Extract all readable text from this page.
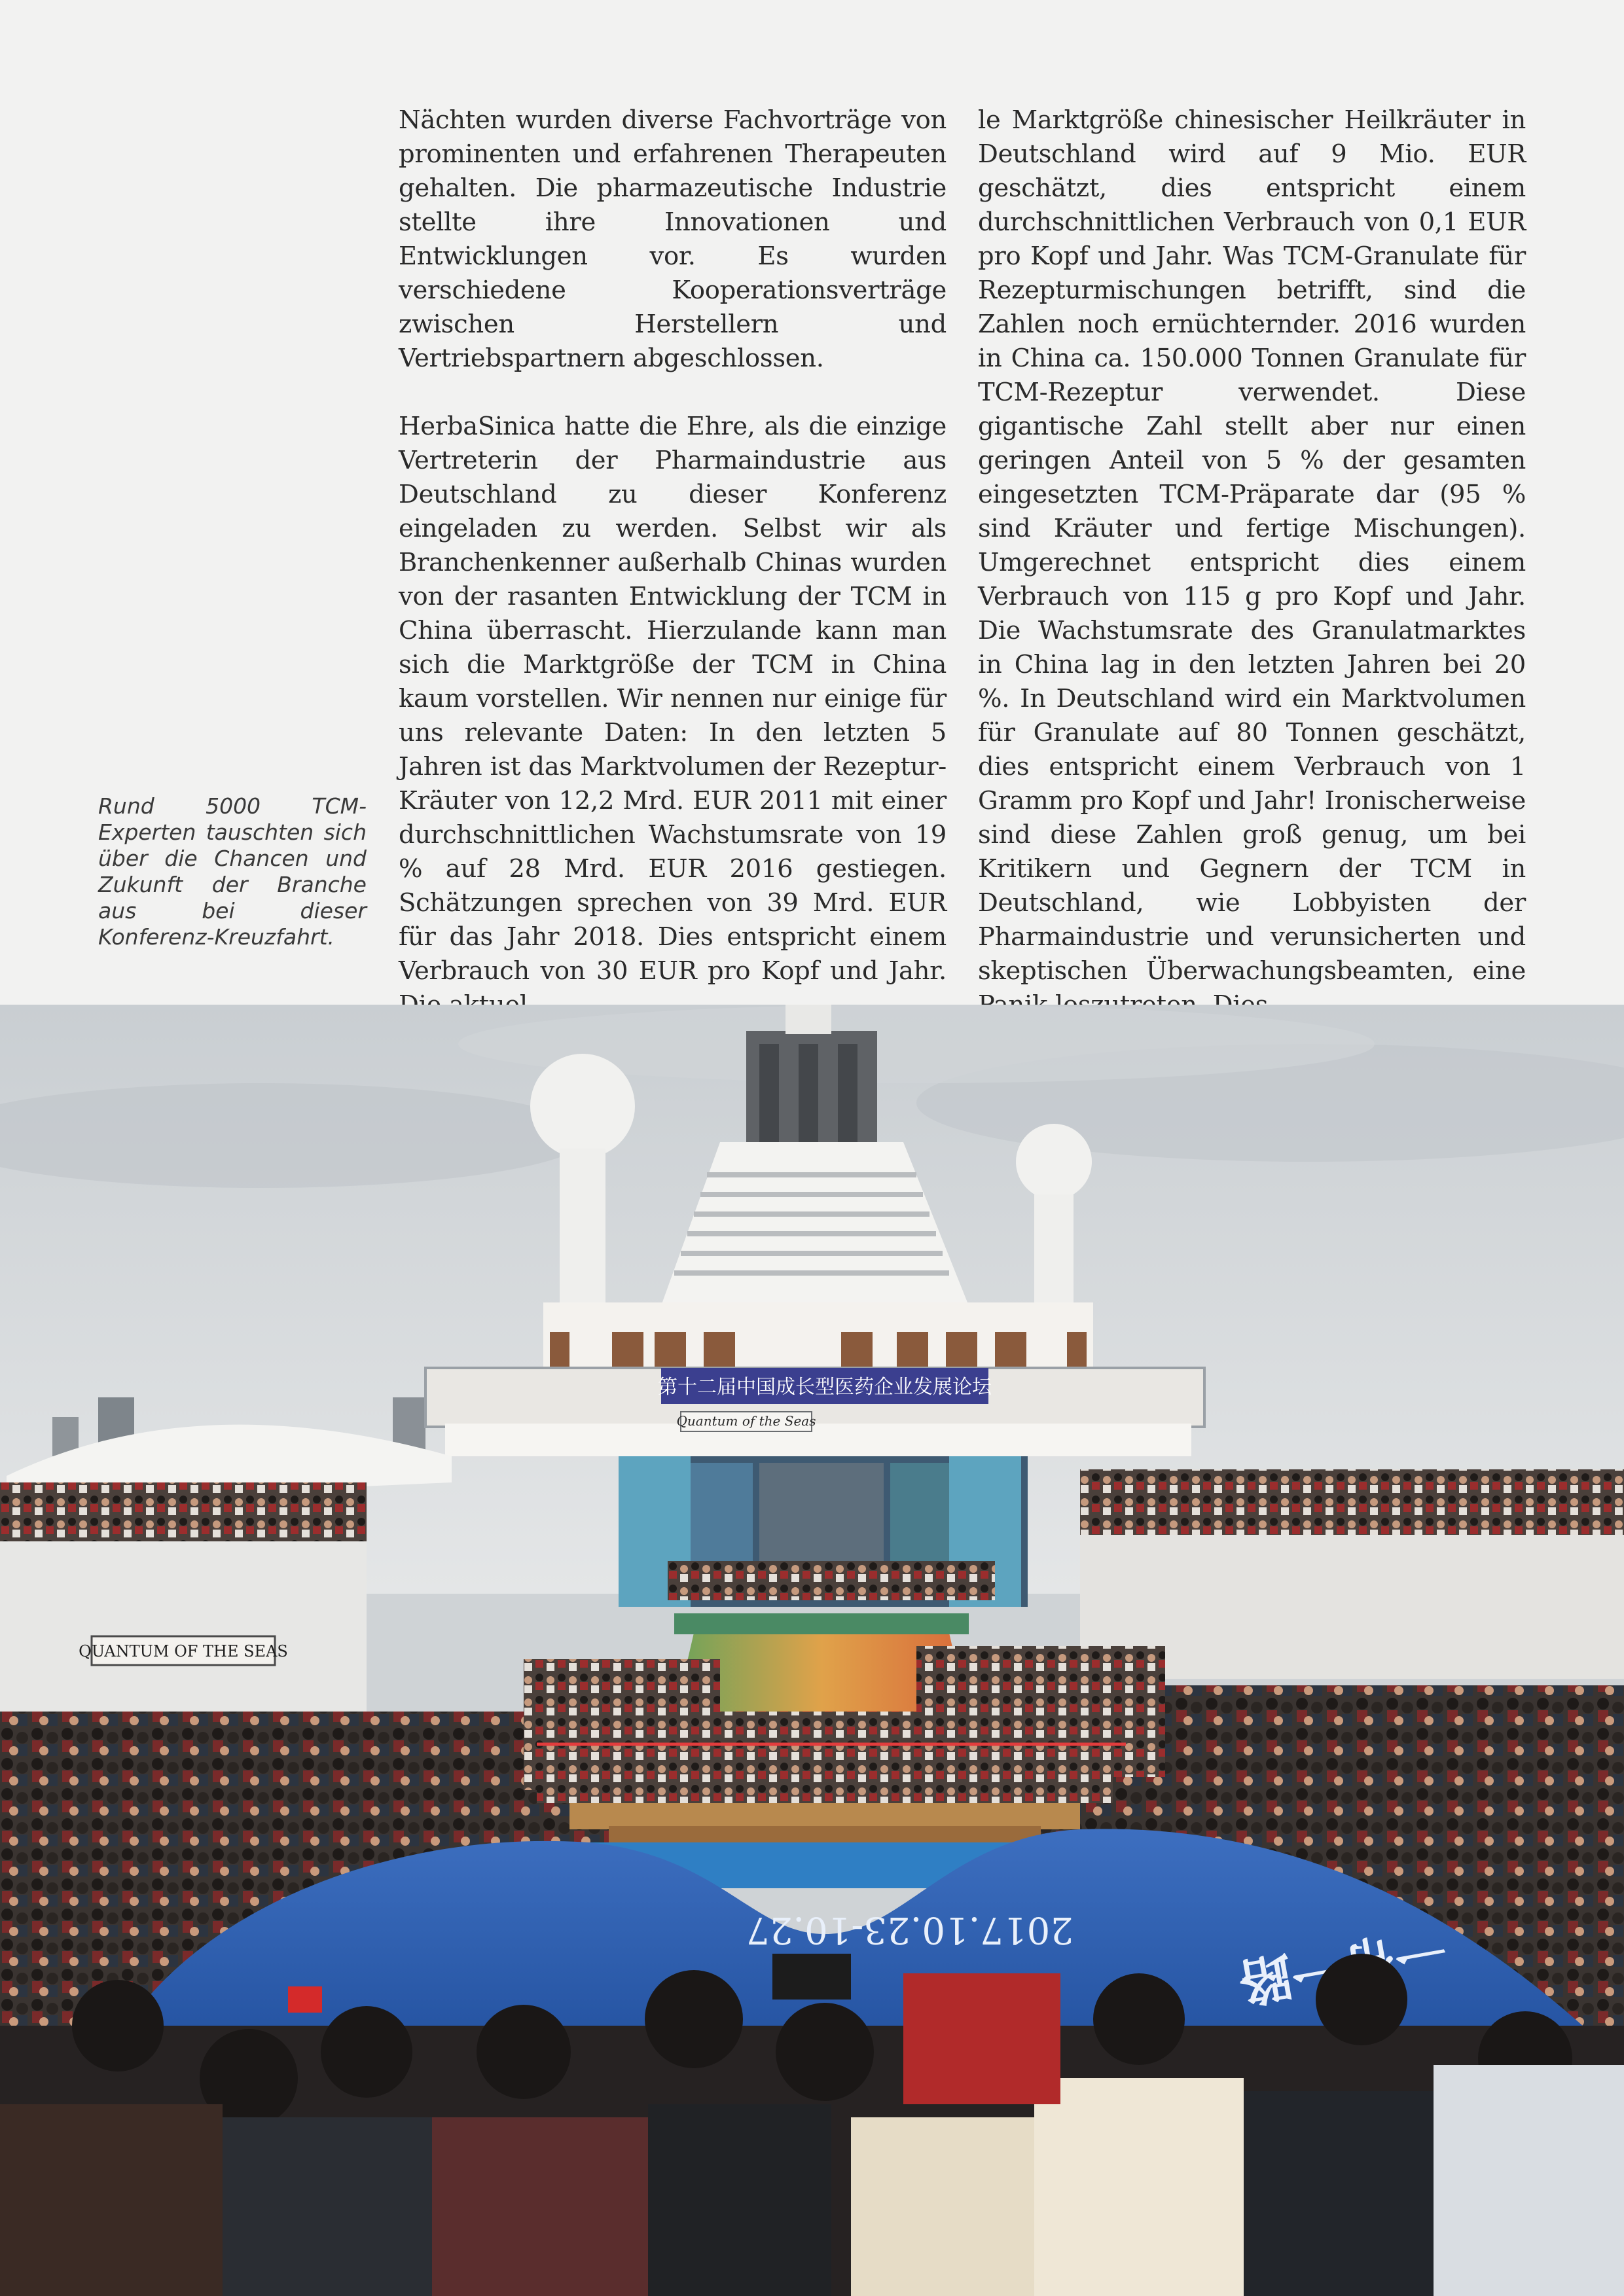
Rund 5000 TCM-Experten tauschten sich über die Chancen und Zukunft der Branche aus bei dieser Konferenz-Kreuzfahrt.

Nächten wurden diverse Fachvorträge von prominenten und erfahrenen Therapeuten gehalten. Die pharmazeutische Industrie stellte ihre Innovationen und Entwicklungen vor. Es wurden verschiedene Kooperationsverträge zwischen Herstellern und Vertriebspartnern abgeschlossen.

HerbaSinica hatte die Ehre, als die einzige Vertreterin der Pharmaindustrie aus Deutschland zu dieser Konferenz eingeladen zu werden. Selbst wir als Branchenkenner außerhalb Chinas wurden von der rasanten Entwicklung der TCM in China überrascht. Hierzulande kann man sich die Marktgröße der TCM in China kaum vorstellen. Wir nennen nur einige für uns relevante Daten: In den letzten 5 Jahren ist das Marktvolumen der Rezeptur-Kräuter von 12,2 Mrd. EUR 2011 mit einer durchschnittlichen Wachstumsrate von 19 % auf 28 Mrd. EUR 2016 gestiegen. Schätzungen sprechen von 39 Mrd. EUR für das Jahr 2018. Dies entspricht einem Verbrauch von 30 EUR pro Kopf und Jahr.

le Marktgröße chinesischer Heilkräuter in Deutschland wird auf 9 Mio. EUR geschätzt, dies entspricht einem durchschnittlichen Verbrauch von 0,1 EUR pro Kopf und Jahr. Was TCM-Granulate für Rezepturmischungen betrifft, sind die Zahlen noch ernüchternder. 2016 wurden in China ca. 150.000 Tonnen Granulate für TCM-Rezeptur verwendet. Diese gigantische Zahl stellt aber nur einen geringen Anteil von 5 % der gesamten eingesetzten TCM-Präparate dar (95 % sind Kräuter und fertige Mischungen). Umgerechnet entspricht dies einem Verbrauch von 115 g pro Kopf und Jahr. Die Wachstumsrate des Granulatmarktes in China lag in den letzten Jahren bei 20 %. In Deutschland wird ein Marktvolumen für Granulate auf 80 Tonnen geschätzt, dies entspricht einem Verbrauch von 1 Gramm pro Kopf und Jahr! Ironischerweise sind diese Zahlen groß genug, um bei Kritikern und Gegnern der TCM in Deutschland, wie Lobbyisten der Pharmaindustrie und verunsicherten und skeptischen Überwachungsbeamten, eine

第十二届中国成长型医药企业发展论坛
Quantum of the Seas
QUANTUM OF THE SEAS
2017.10.23-10.27
